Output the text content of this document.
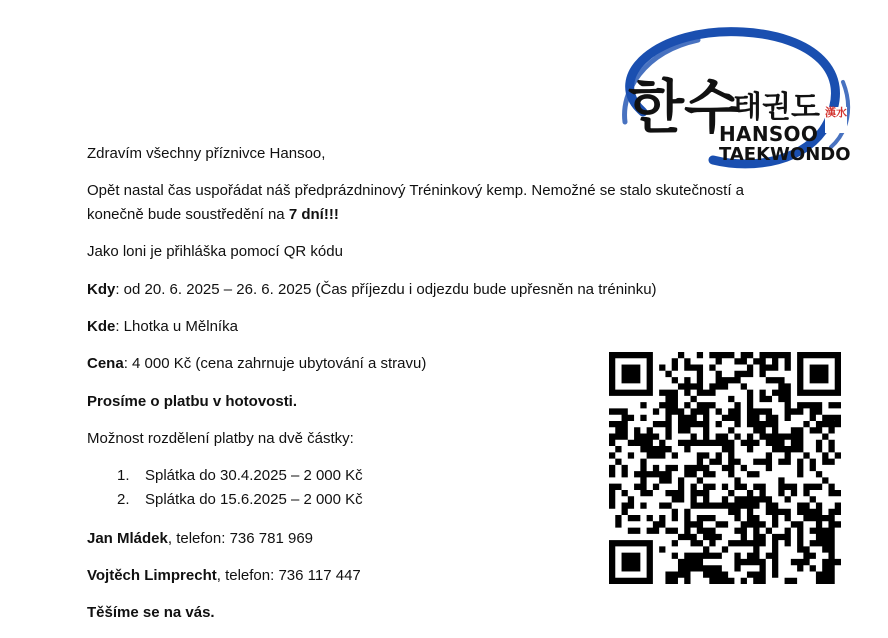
한수
태권도 漢水
HANSOO
TAEKWONDO
Zdravím všechny příznivce Hansoo,
Opět nastal čas uspořádat náš předprázdninový Tréninkový kemp. Nemožné se stalo skutečností a
konečně bude soustředění na 7 dní!!!
Jako loni je přihláška pomocí QR kódu
Kdy: od 20. 6. 2025 – 26. 6. 2025 (Čas příjezdu i odjezdu bude upřesněn na tréninku)
Kde: Lhotka u Mělníka
Cena: 4 000 Kč (cena zahrnuje ubytování a stravu)
Prosíme o platbu v hotovosti.
Možnost rozdělení platby na dvě částky:
1. Splátka do 30.4.2025 – 2 000 Kč
2. Splátka do 15.6.2025 – 2 000 Kč
Jan Mládek, telefon: 736 781 969
Vojtěch Limprecht, telefon: 736 117 447
Těšíme se na vás.
